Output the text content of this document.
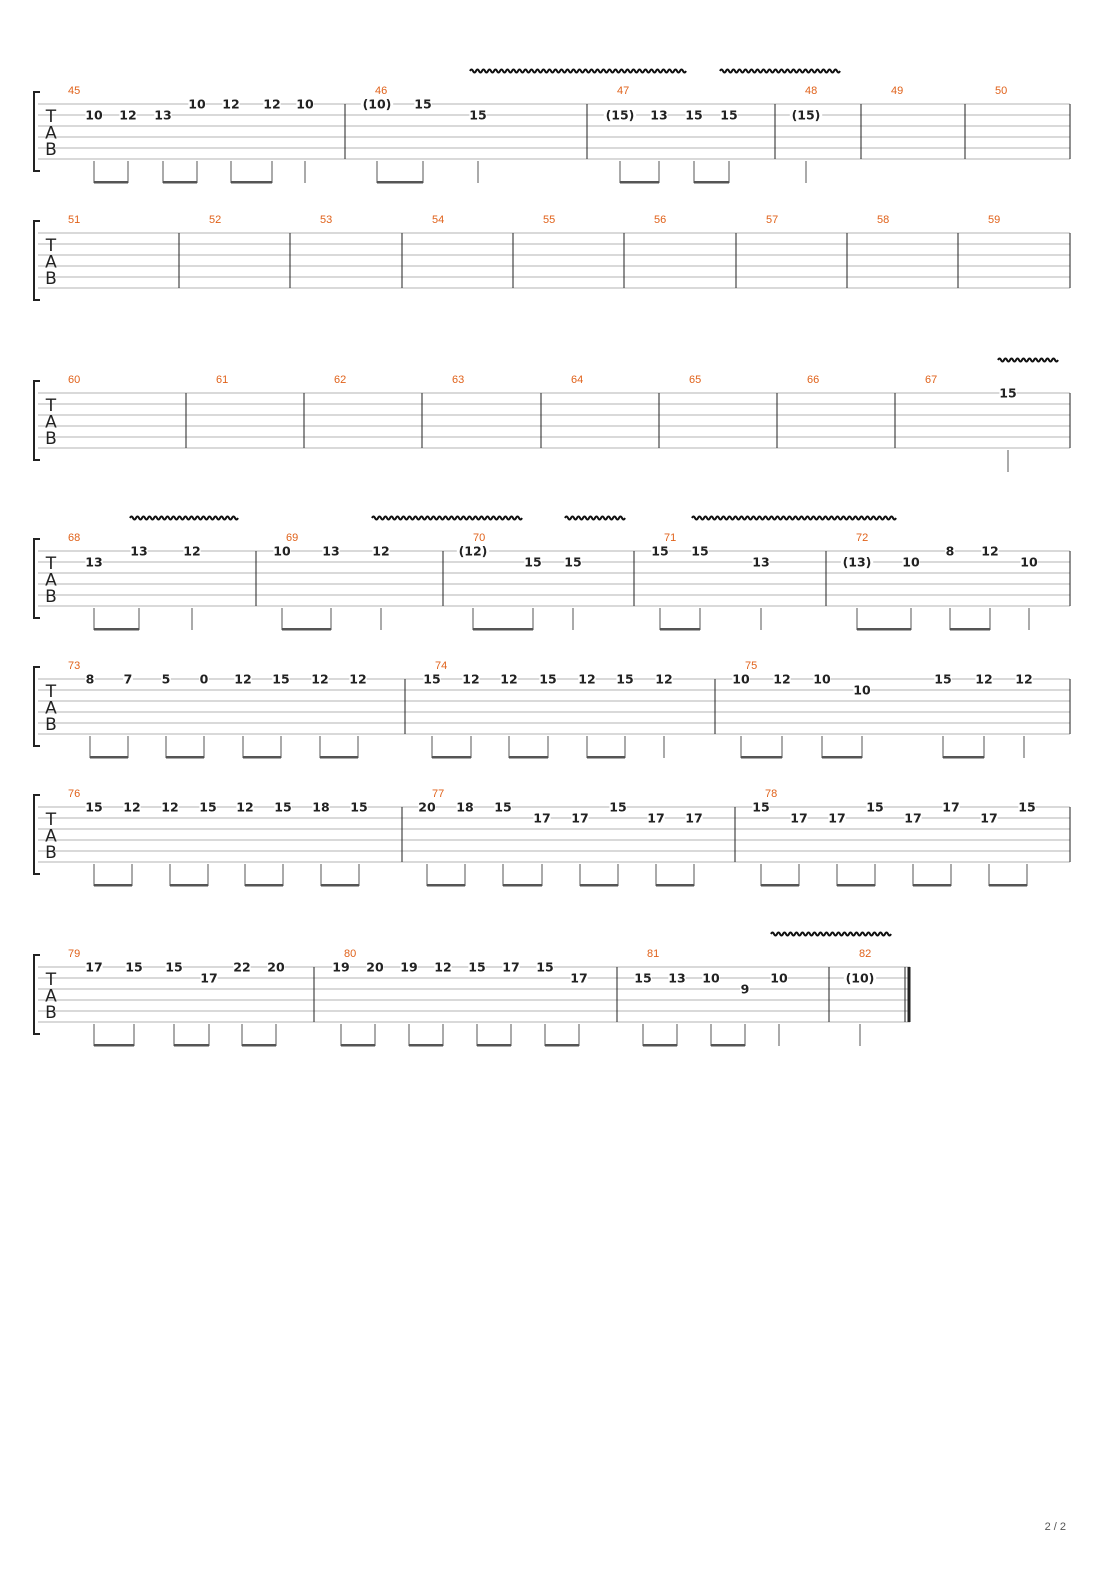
T
A
B
45
10 12 13
10 12 12 10
46
(10) 15
15
47
(15) 13 15 15
48
(15)
49	50
T
A
B
51	52	53	54	55	56	57	58	59
T
A
B
60	61	62	63	64	65	66	67
15
T
A
B
68
13
13	12
69
10	13	12
70
(12)
15 15
71
15 15
13
72
(13) 10
8 12
10
T
A
B
73
8 7 5 0 12 15 12 12
74
15 12 12 15 12 15 12
75
10 12 10
10
15 12 12
T
A
B
76
15 12 12 15 12 15 18 15
77
20 18 15
17 17
15
17 17
78
15
17 17
15
17
17
17
15
T
A
B
79
17 15 15
17
22 20
80
19 20 19 12 15 17 15
17
81
15 13 10
9
10
82
(10)
2 / 2
